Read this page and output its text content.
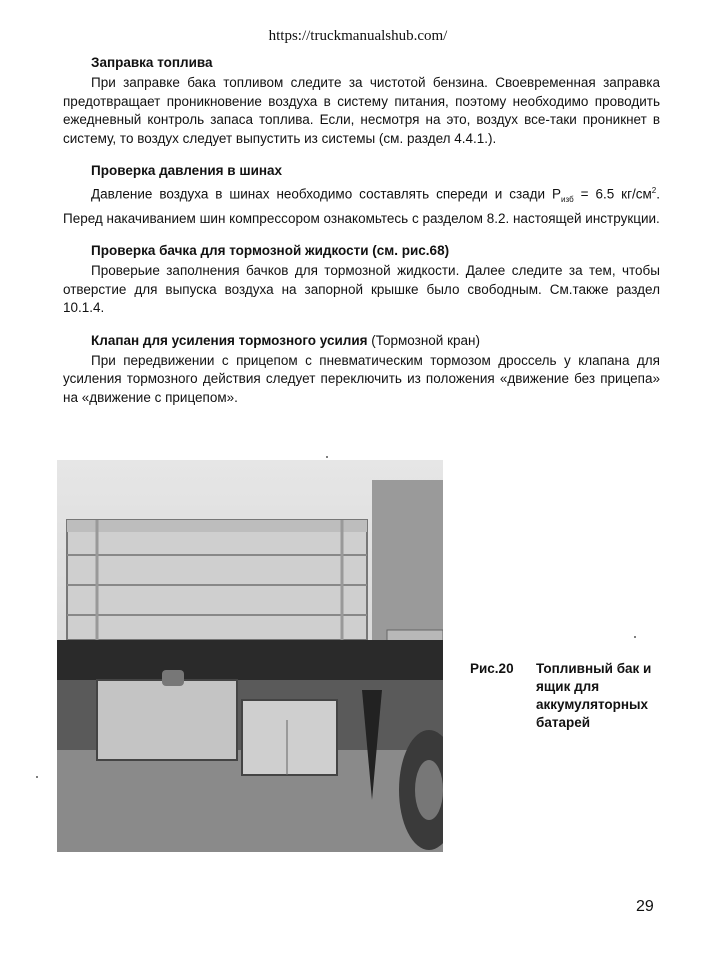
https://truckmanualshub.com/
Заправка топлива

При заправке бака топливом следите за чистотой бензина. Своевременная заправка предотвращает проникновение воздуха в систему питания, поэтому необходимо проводить ежедневный контроль запаса топлива. Если, несмотря на это, воздух все-таки проникнет в систему, то воздух следует выпустить из системы (см. раздел 4.4.1.).

Проверка давления в шинах

Давление воздуха в шинах необходимо составлять спереди и сзади $Р_{изб} = 6.5$ $кг/см^2$. Перед накачиванием шин компрессором ознакомьтесь с разделом 8.2. настоящей инструкции.

Проверка бачка для тормозной жидкости (см. рис.68)

Проверьие заполнения бачков для тормозной жидкости. Далее следите за тем, чтобы отверстие для выпуска воздуха на запорной крышке было свободным. См.также раздел 10.1.4.

Клапан для усиления тормозного усилия (Тормозной кран)

При передвижении с прицепом с пневматическим тормозом дроссель у клапана для усиления тормозного действия следует переключить из положения «движение без прицепа» на «движение с прицепом».

Рис.20 Топливный бак и ящик для аккумуляторных батарей
29
